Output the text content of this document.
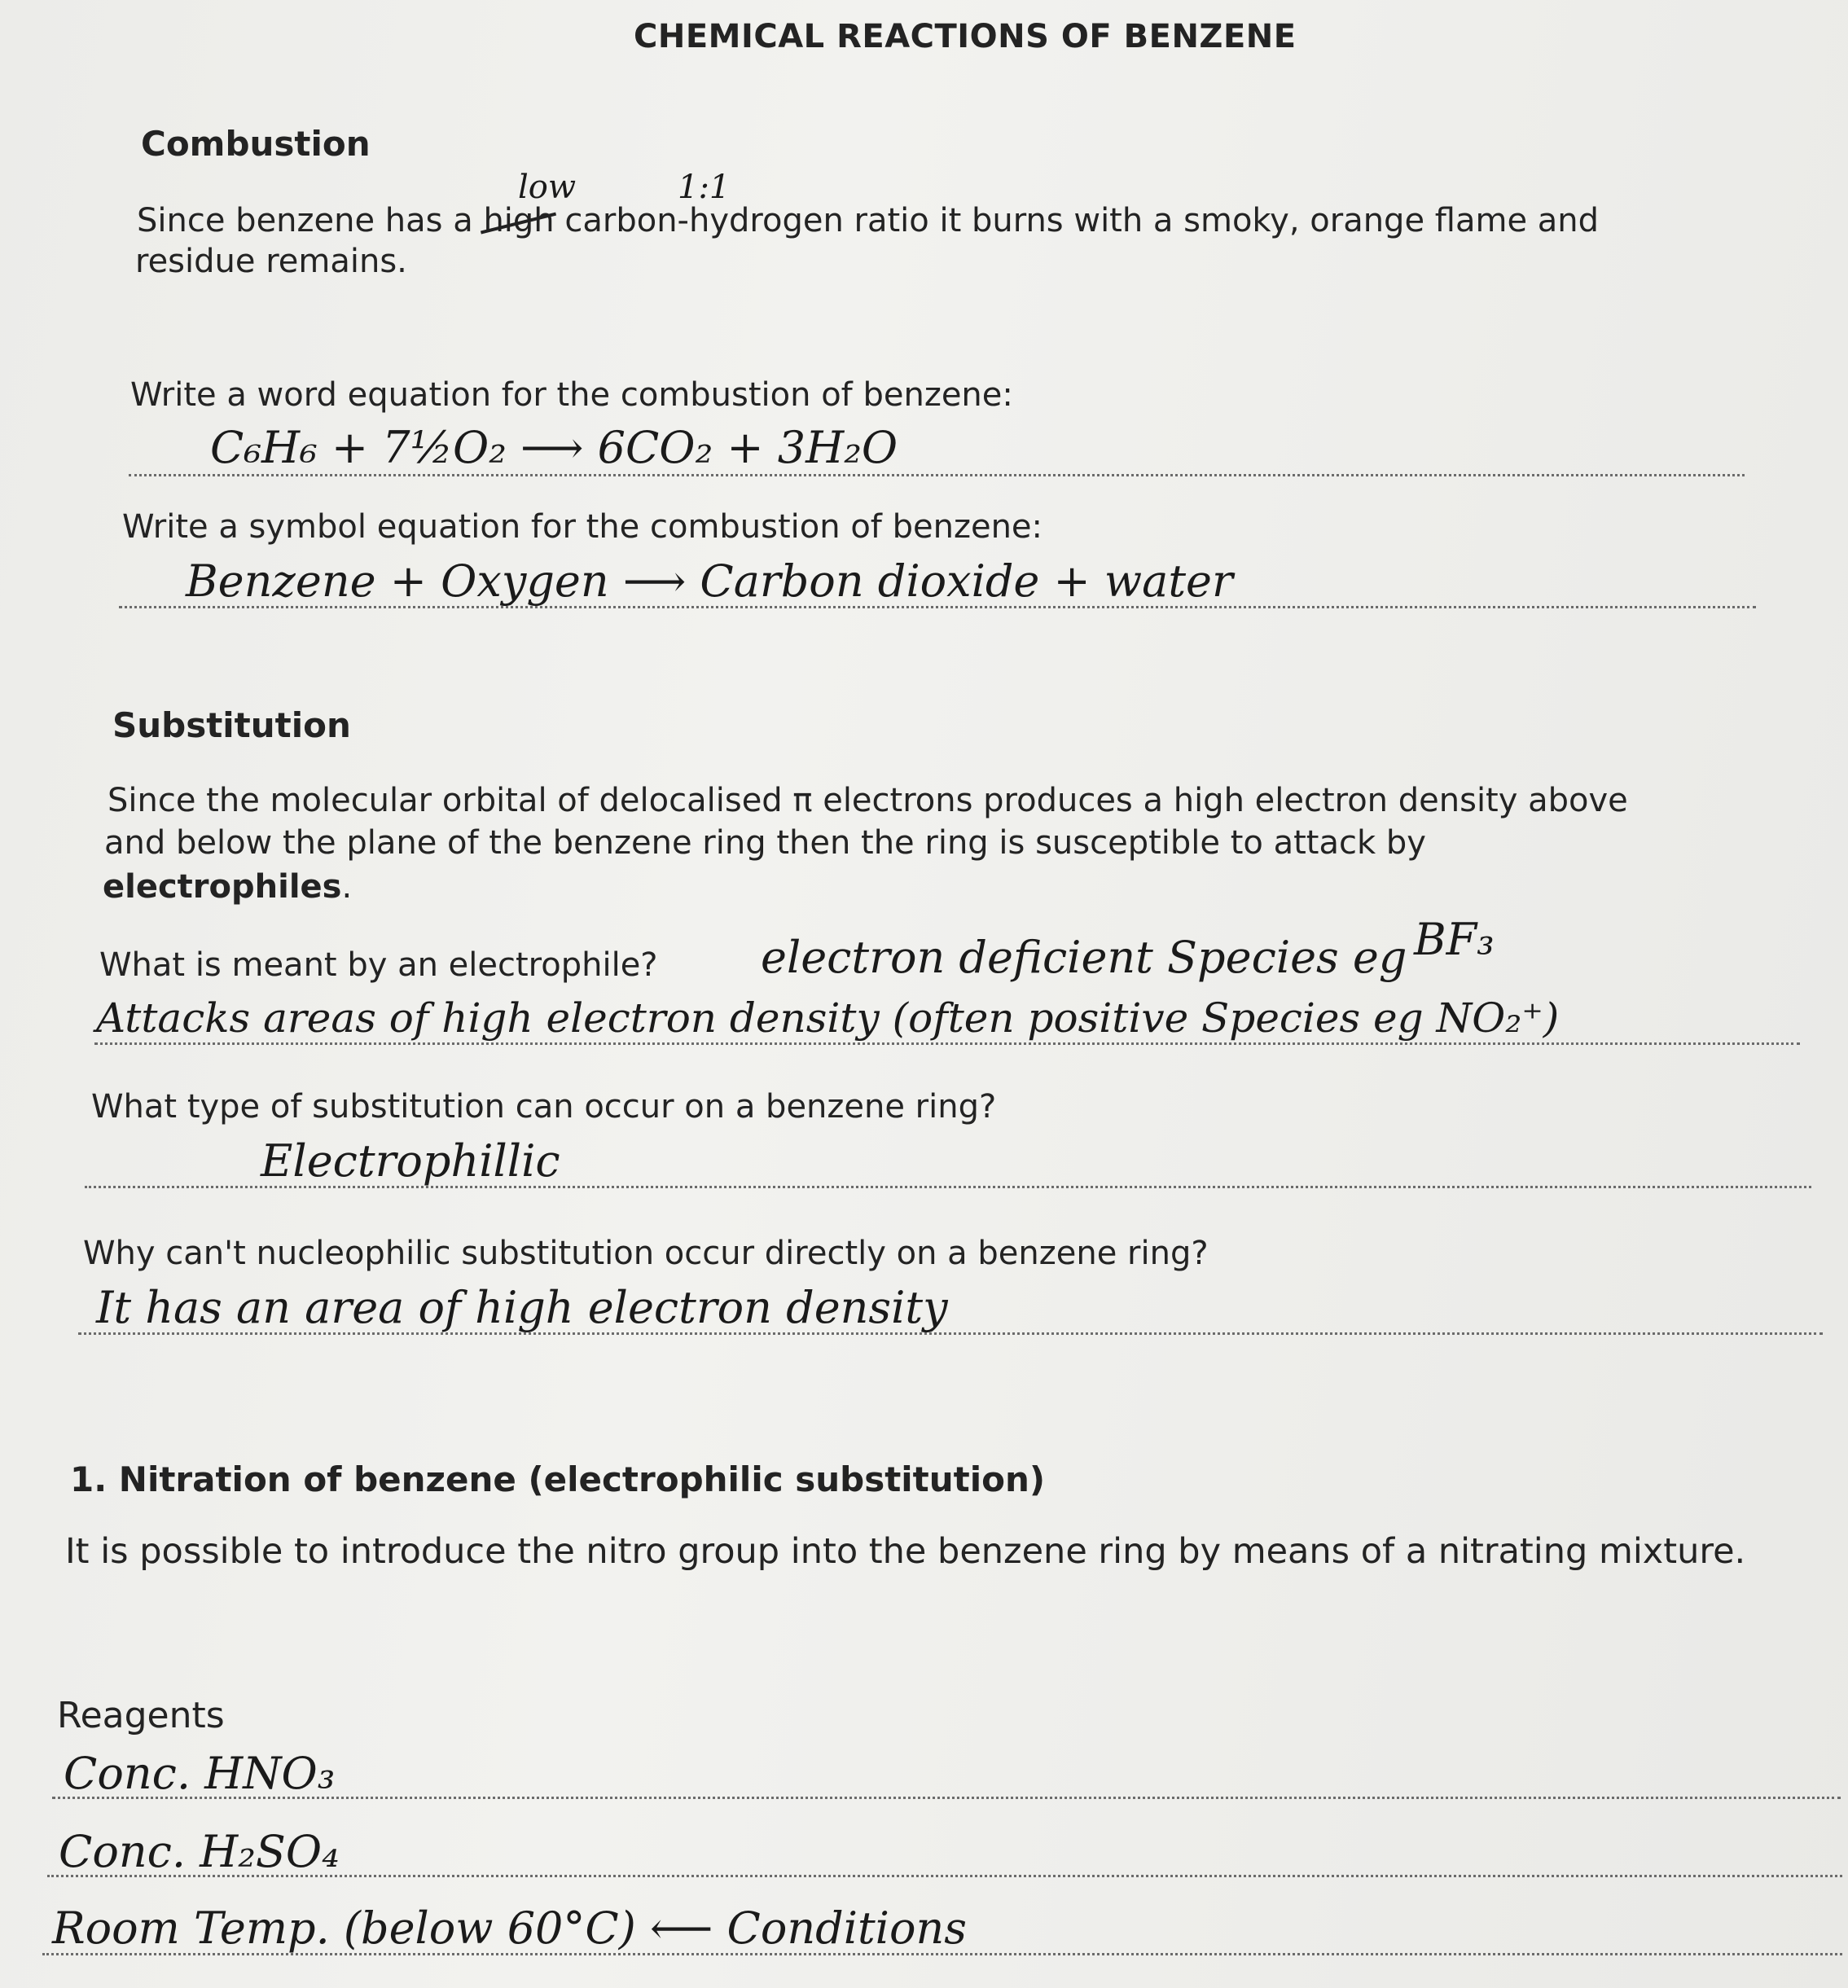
CHEMICAL REACTIONS OF BENZENE
Combustion
low	1:1
Since benzene has a high carbon-hydrogen ratio it burns with a smoky, orange flame and
residue remains.
Write a word equation for the combustion of benzene:
C₆H₆ + 7½O₂ ⟶ 6CO₂ + 3H₂O
Write a symbol equation for the combustion of benzene:
Benzene + Oxygen ⟶ Carbon dioxide + water
Substitution
Since the molecular orbital of delocalised π electrons produces a high electron density above
and below the plane of the benzene ring then the ring is susceptible to attack by
electrophiles.
What is meant by an electrophile? electron deficient Species eg BF₃
Attacks areas of high electron density (often positive Species eg NO₂⁺)
What type of substitution can occur on a benzene ring?
Electrophillic
Why can't nucleophilic substitution occur directly on a benzene ring?
It has an area of high electron density
1. Nitration of benzene (electrophilic substitution)
It is possible to introduce the nitro group into the benzene ring by means of a nitrating mixture.
Reagents
Conc. HNO₃
Conc. H₂SO₄
Room Temp. (below 60°C) ⟵ Conditions
